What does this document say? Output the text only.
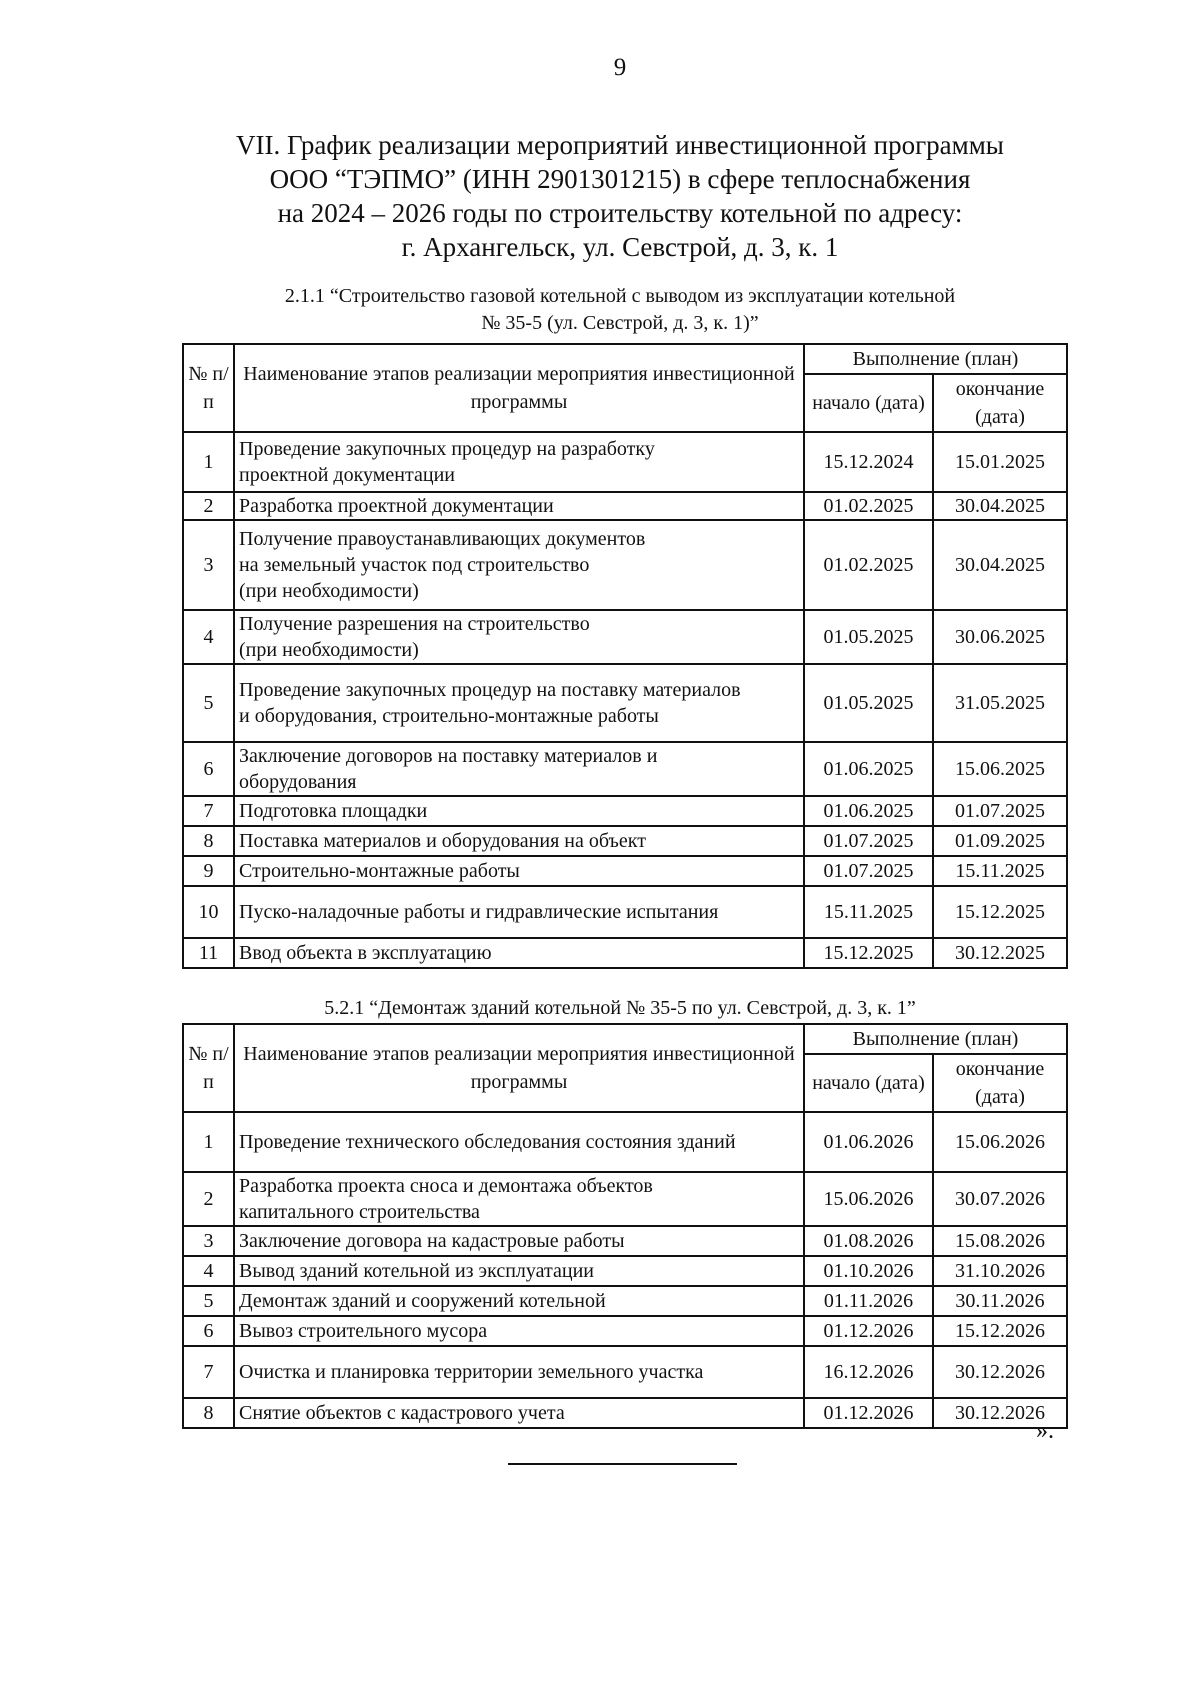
9
VII. График реализации мероприятий инвестиционной программы
ООО “ТЭПМО” (ИНН 2901301215) в сфере теплоснабжения
на 2024 – 2026 годы по строительству котельной по адресу:
г. Архангельск, ул. Севстрой, д. 3, к. 1
2.1.1 “Строительство газовой котельной с выводом из эксплуатации котельной
№ 35-5 (ул. Севстрой, д. 3, к. 1)”
№ п/п	Наименование этапов реализации мероприятия инвестиционной программы	Выполнение (план)	
		начало (дата)	окончание (дата)
1	Проведение закупочных процедур на разработку
проектной документации	15.12.2024	15.01.2025
2	Разработка проектной документации	01.02.2025	30.04.2025
3	Получение правоустанавливающих документов
на земельный участок под строительство
(при необходимости)	01.02.2025	30.04.2025
4	Получение разрешения на строительство
(при необходимости)	01.05.2025	30.06.2025
5	Проведение закупочных процедур на поставку материалов
и оборудования, строительно-монтажные работы	01.05.2025	31.05.2025
6	Заключение договоров на поставку материалов и
оборудования	01.06.2025	15.06.2025
7	Подготовка площадки	01.06.2025	01.07.2025
8	Поставка материалов и оборудования на объект	01.07.2025	01.09.2025
9	Строительно-монтажные работы	01.07.2025	15.11.2025
10	Пуско-наладочные работы и гидравлические испытания	15.11.2025	15.12.2025
11	Ввод объекта в эксплуатацию	15.12.2025	30.12.2025
5.2.1 “Демонтаж зданий котельной № 35-5 по ул. Севстрой, д. 3, к. 1”
№ п/п	Наименование этапов реализации мероприятия инвестиционной программы	Выполнение (план)	
		начало (дата)	окончание (дата)
1	Проведение технического обследования состояния зданий	01.06.2026	15.06.2026
2	Разработка проекта сноса и демонтажа объектов
капитального строительства	15.06.2026	30.07.2026
3	Заключение договора на кадастровые работы	01.08.2026	15.08.2026
4	Вывод зданий котельной из эксплуатации	01.10.2026	31.10.2026
5	Демонтаж зданий и сооружений котельной	01.11.2026	30.11.2026
6	Вывоз строительного мусора	01.12.2026	15.12.2026
7	Очистка и планировка территории земельного участка	16.12.2026	30.12.2026
8	Снятие объектов с кадастрового учета	01.12.2026	30.12.2026
».
